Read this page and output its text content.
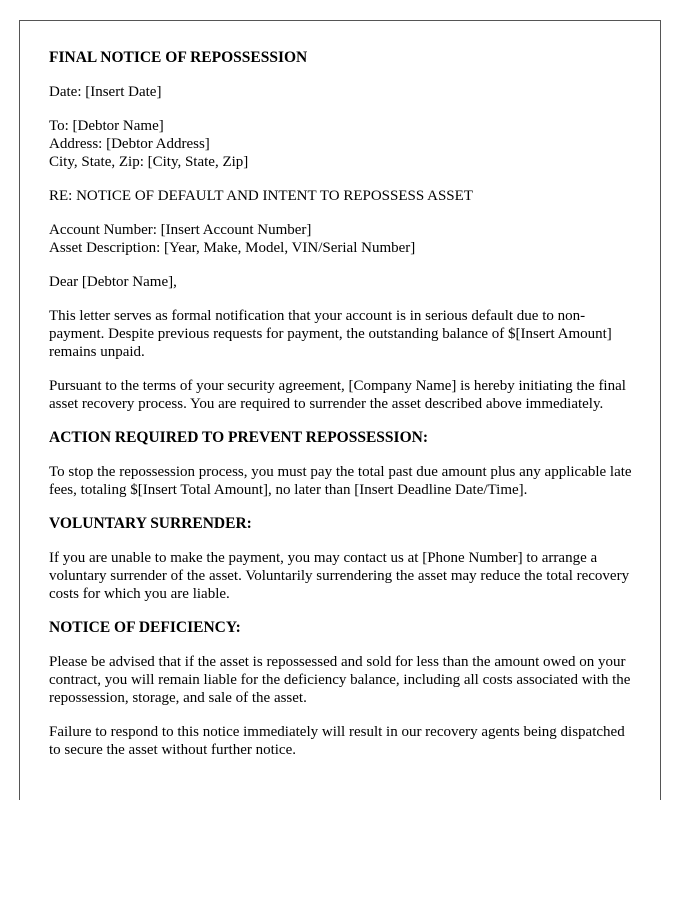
FINAL NOTICE OF REPOSSESSION

Date: [Insert Date]

To: [Debtor Name]
Address: [Debtor Address]
City, State, Zip: [City, State, Zip]

RE: NOTICE OF DEFAULT AND INTENT TO REPOSSESS ASSET

Account Number: [Insert Account Number]
Asset Description: [Year, Make, Model, VIN/Serial Number]

Dear [Debtor Name],

This letter serves as formal notification that your account is in serious default due to non-payment. Despite previous requests for payment, the outstanding balance of $[Insert Amount] remains unpaid.

Pursuant to the terms of your security agreement, [Company Name] is hereby initiating the final asset recovery process. You are required to surrender the asset described above immediately.

ACTION REQUIRED TO PREVENT REPOSSESSION:

To stop the repossession process, you must pay the total past due amount plus any applicable late fees, totaling $[Insert Total Amount], no later than [Insert Deadline Date/Time].

VOLUNTARY SURRENDER:

If you are unable to make the payment, you may contact us at [Phone Number] to arrange a voluntary surrender of the asset. Voluntarily surrendering the asset may reduce the total recovery costs for which you are liable.

NOTICE OF DEFICIENCY:

Please be advised that if the asset is repossessed and sold for less than the amount owed on your contract, you will remain liable for the deficiency balance, including all costs associated with the repossession, storage, and sale of the asset.

Failure to respond to this notice immediately will result in our recovery agents being dispatched to secure the asset without further notice.
